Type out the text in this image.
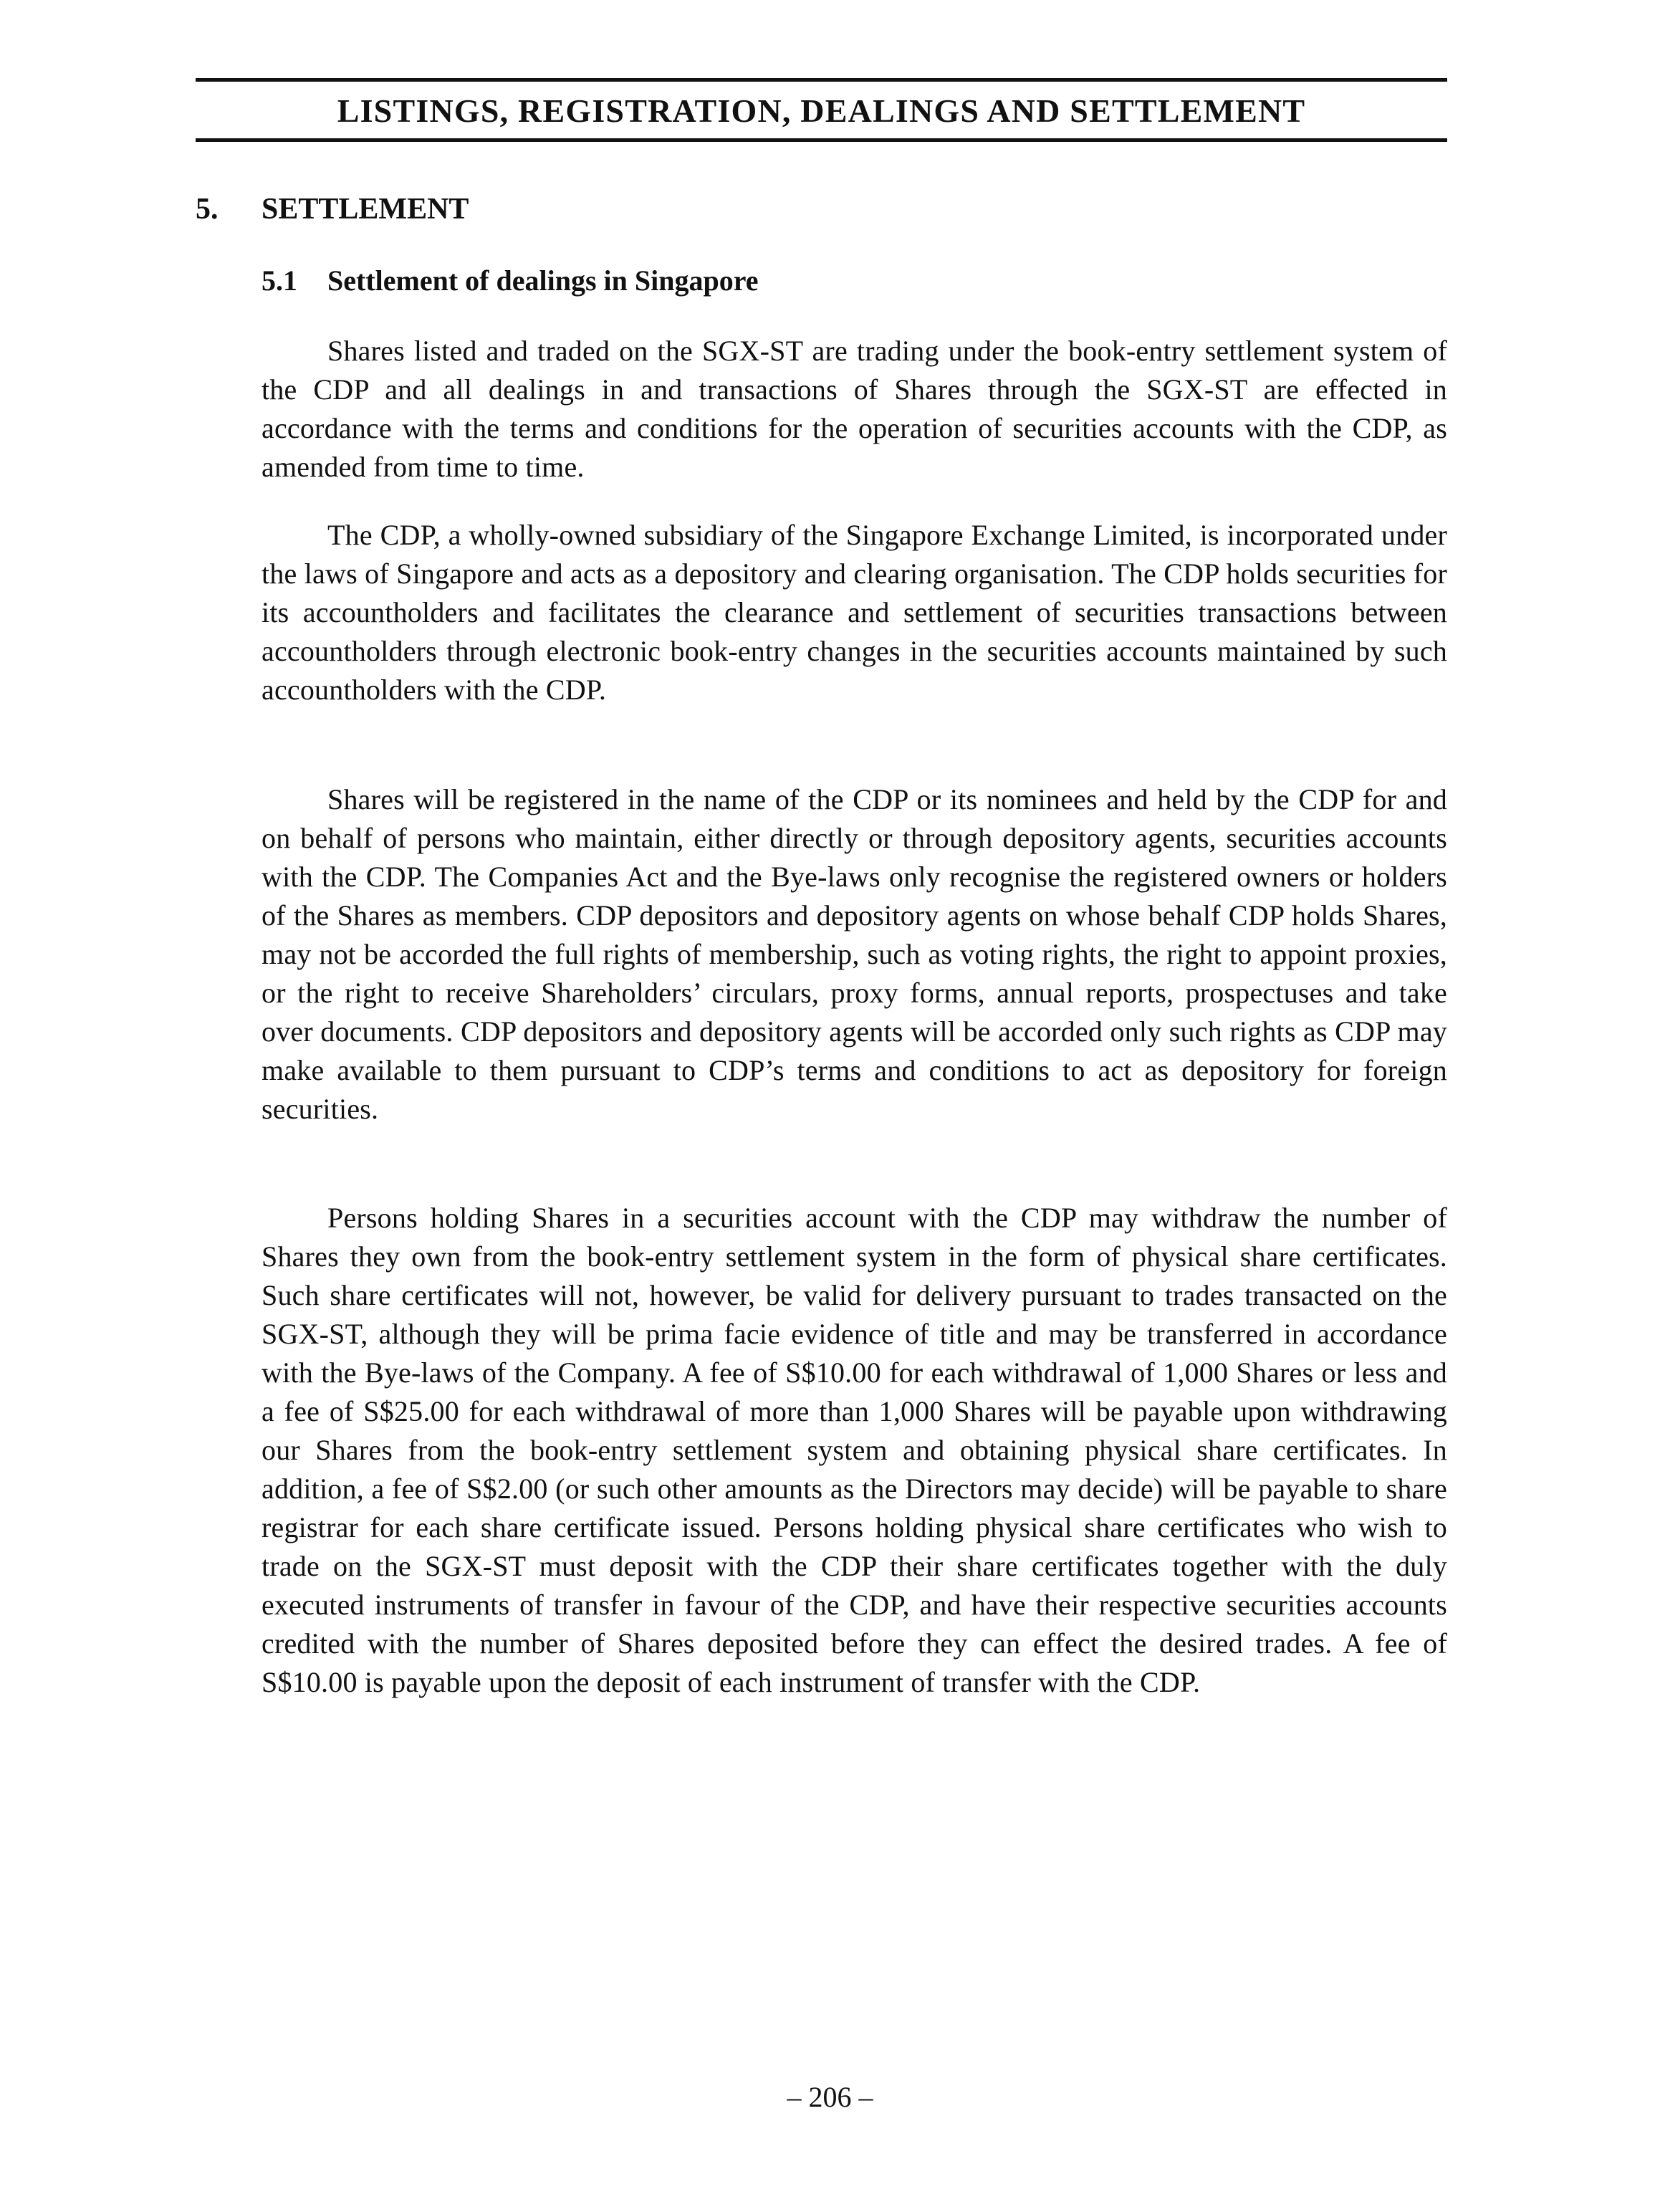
LISTINGS, REGISTRATION, DEALINGS AND SETTLEMENT
5. SETTLEMENT
5.1 Settlement of dealings in Singapore

Shares listed and traded on the SGX-ST are trading under the book-entry settlement system of the CDP and all dealings in and transactions of Shares through the SGX-ST are effected in accordance with the terms and conditions for the operation of securities accounts with the CDP, as amended from time to time.

The CDP, a wholly-owned subsidiary of the Singapore Exchange Limited, is incorporated under the laws of Singapore and acts as a depository and clearing organisation. The CDP holds securities for its accountholders and facilitates the clearance and settlement of securities transactions between accountholders through electronic book-entry changes in the securities accounts maintained by such accountholders with the CDP.

Shares will be registered in the name of the CDP or its nominees and held by the CDP for and on behalf of persons who maintain, either directly or through depository agents, securities accounts with the CDP. The Companies Act and the Bye-laws only recognise the registered owners or holders of the Shares as members. CDP depositors and depository agents on whose behalf CDP holds Shares, may not be accorded the full rights of membership, such as voting rights, the right to appoint proxies, or the right to receive Shareholders’ circulars, proxy forms, annual reports, prospectuses and take over documents. CDP depositors and depository agents will be accorded only such rights as CDP may make available to them pursuant to CDP’s terms and conditions to act as depository for foreign securities.

Persons holding Shares in a securities account with the CDP may withdraw the number of Shares they own from the book-entry settlement system in the form of physical share certificates. Such share certificates will not, however, be valid for delivery pursuant to trades transacted on the SGX-ST, although they will be prima facie evidence of title and may be transferred in accordance with the Bye-laws of the Company. A fee of S$10.00 for each withdrawal of 1,000 Shares or less and a fee of S$25.00 for each withdrawal of more than 1,000 Shares will be payable upon withdrawing our Shares from the book-entry settlement system and obtaining physical share certificates. In addition, a fee of S$2.00 (or such other amounts as the Directors may decide) will be payable to share registrar for each share certificate issued. Persons holding physical share certificates who wish to trade on the SGX-ST must deposit with the CDP their share certificates together with the duly executed instruments of transfer in favour of the CDP, and have their respective securities accounts credited with the number of Shares deposited before they can effect the desired trades. A fee of S$10.00 is payable upon the deposit of each instrument of transfer with the CDP.

– 206 –
